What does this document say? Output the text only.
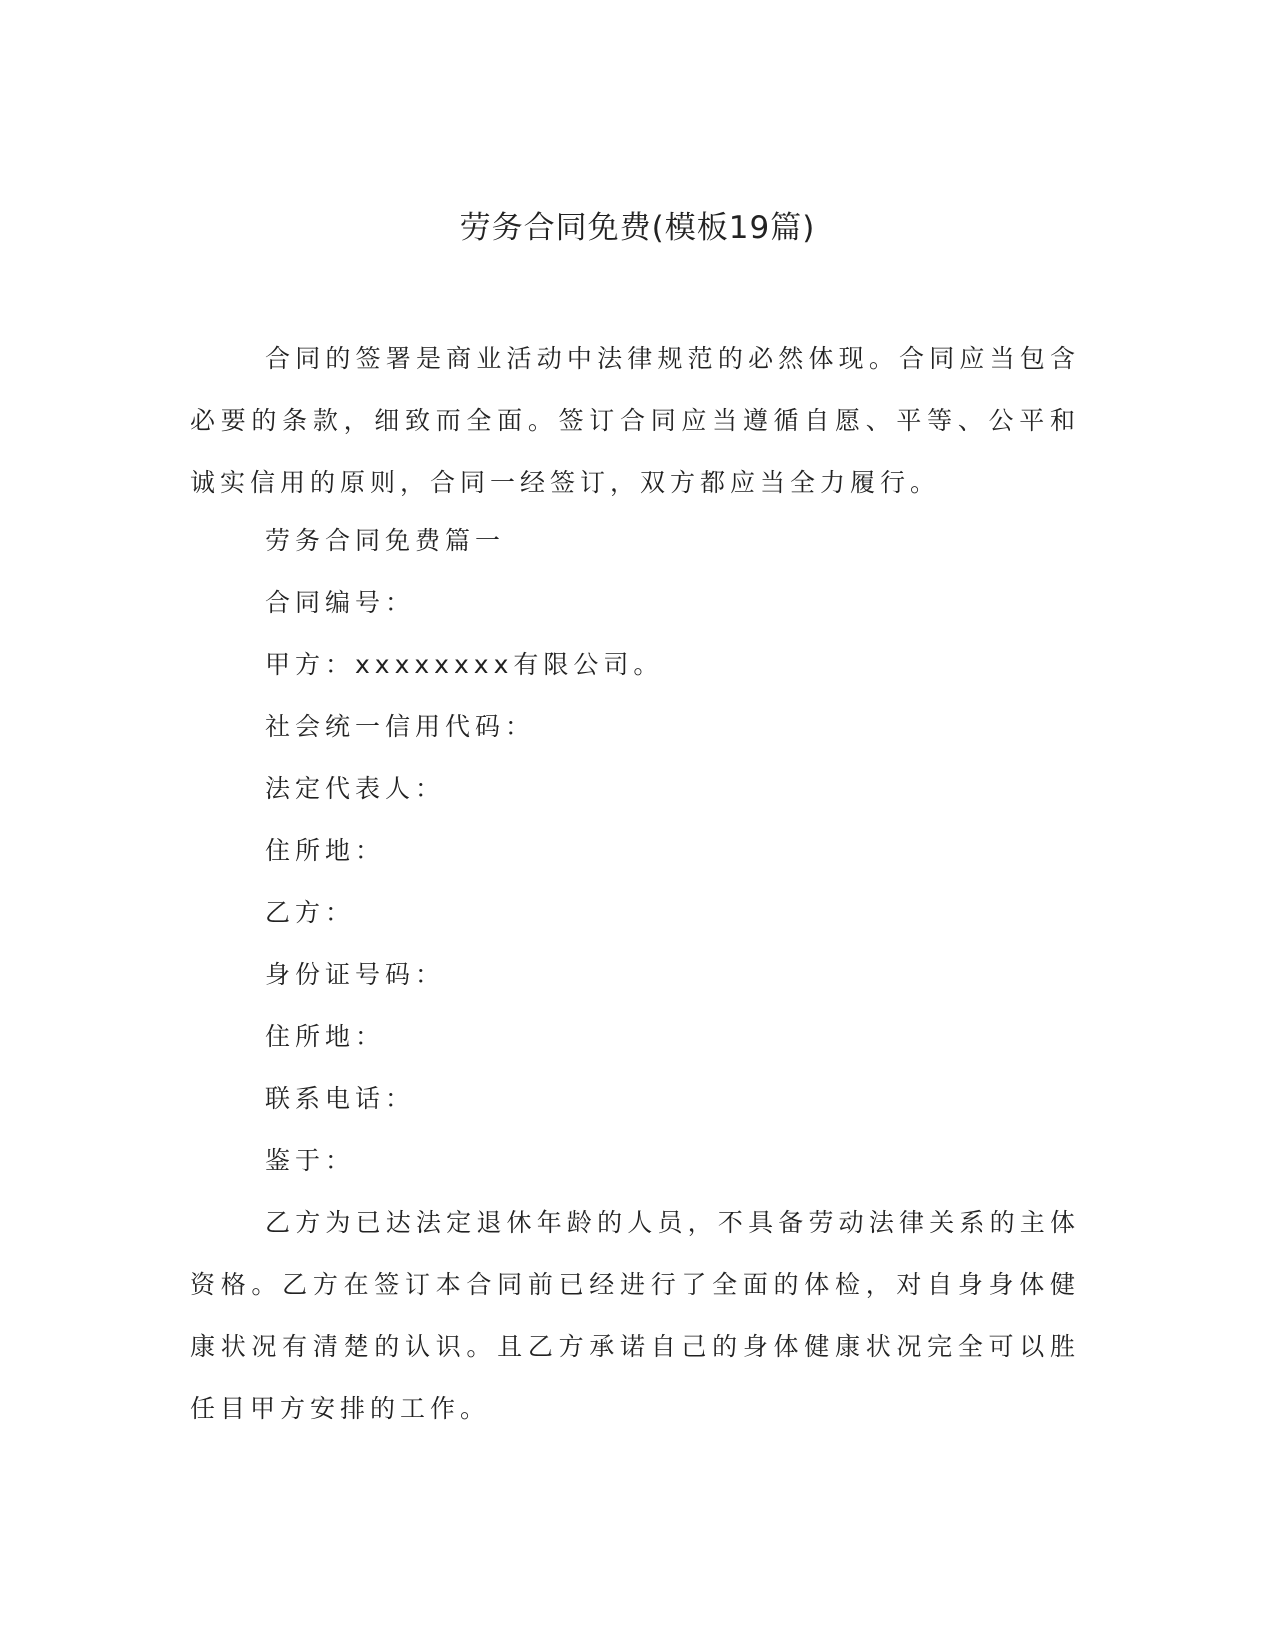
劳务合同免费(模板19篇)

合同的签署是商业活动中法律规范的必然体现。合同应当包含必要的条款，细致而全面。签订合同应当遵循自愿、平等、公平和诚实信用的原则，合同一经签订，双方都应当全力履行。

劳务合同免费篇一

合同编号：

甲方：xxxxxxxx有限公司。

社会统一信用代码：

法定代表人：

住所地：

乙方：

身份证号码：

住所地：

联系电话：

鉴于：

乙方为已达法定退休年龄的人员，不具备劳动法律关系的主体资格。乙方在签订本合同前已经进行了全面的体检，对自身身体健康状况有清楚的认识。且乙方承诺自己的身体健康状况完全可以胜任目甲方安排的工作。
